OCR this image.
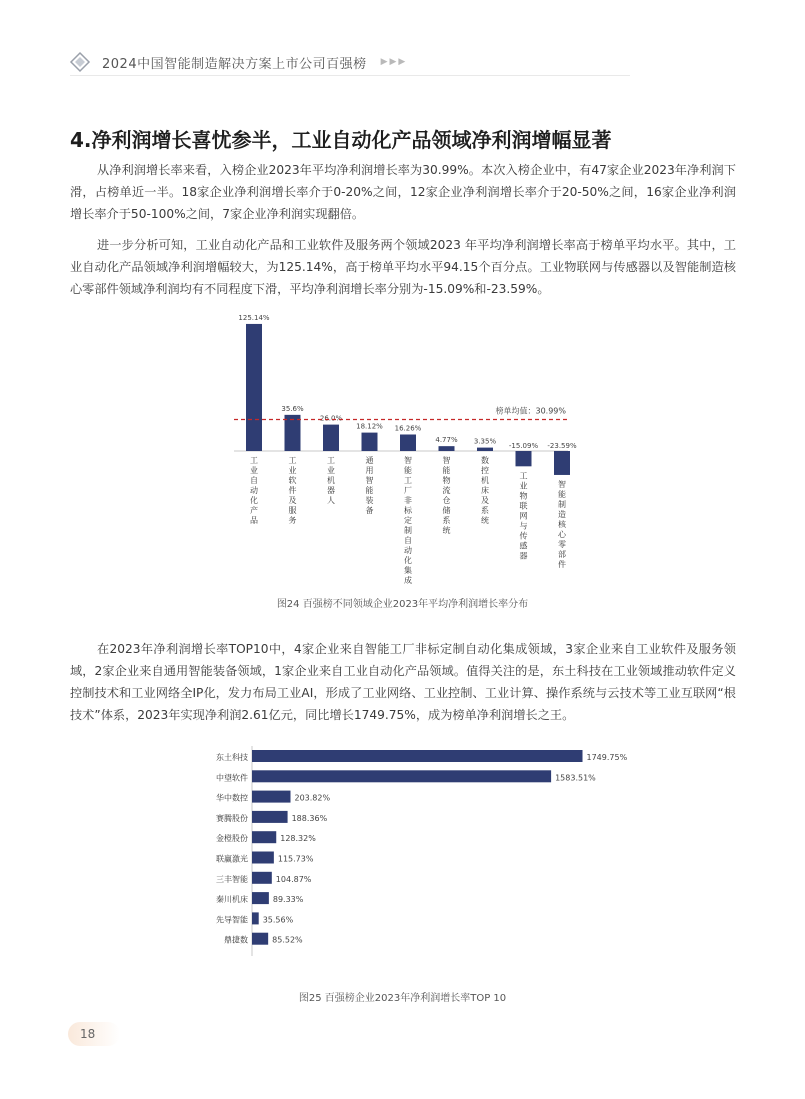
2024中国智能制造解决方案上市公司百强榜 ▶▶▶
4.净利润增长喜忧参半，工业自动化产品领域净利润增幅显著

从净利润增长率来看，入榜企业2023年平均净利润增长率为30.99%。本次入榜企业中，有47家企业2023年净利润下滑，占榜单近一半。18家企业净利润增长率介于0-20%之间，12家企业净利润增长率介于20-50%之间，16家企业净利润增长率介于50-100%之间，7家企业净利润实现翻倍。

进一步分析可知，工业自动化产品和工业软件及服务两个领域2023 年平均净利润增长率高于榜单平均水平。其中，工业自动化产品领域净利润增幅较大，为125.14%，高于榜单平均水平94.15个百分点。工业物联网与传感器以及智能制造核心零部件领域净利润均有不同程度下滑，平均净利润增长率分别为-15.09%和-23.59%。

125.14%
工
业
自
动
化
产
品
35.6%
工
业
软
件
及
服
务
26.0%
工
业
机
器
人
18.12%
通
用
智
能
装
备
16.26%
智
能
工
厂
非
标
定
制
自
动
化
集
成
4.77%
智
能
物
流
仓
储
系
统
3.35%
数
控
机
床
及
系
统
-15.09%
工
业
物
联
网
与
传
感
器
-23.59%
智
能
制
造
核
心
零
部
件
榜单均值：30.99%
图24 百强榜不同领域企业2023年平均净利润增长率分布

在2023年净利润增长率TOP10中，4家企业来自智能工厂非标定制自动化集成领域，3家企业来自工业软件及服务领域，2家企业来自通用智能装备领域，1家企业来自工业自动化产品领域。值得关注的是，东土科技在工业领域推动软件定义控制技术和工业网络全IP化，发力布局工业AI，形成了工业网络、工业控制、工业计算、操作系统与云技术等工业互联网“根技术”体系，2023年实现净利润2.61亿元，同比增长1749.75%，成为榜单净利润增长之王。

东土科技	1749.75%
中望软件	1583.51%
华中数控	203.82%
赛腾股份	188.36%
金橙股份	128.32%
联赢激光	115.73%
三丰智能	104.87%
秦川机床	89.33%
先导智能 35.56%
鼎捷数	85.52%
图25 百强榜企业2023年净利润增长率TOP 10
18
